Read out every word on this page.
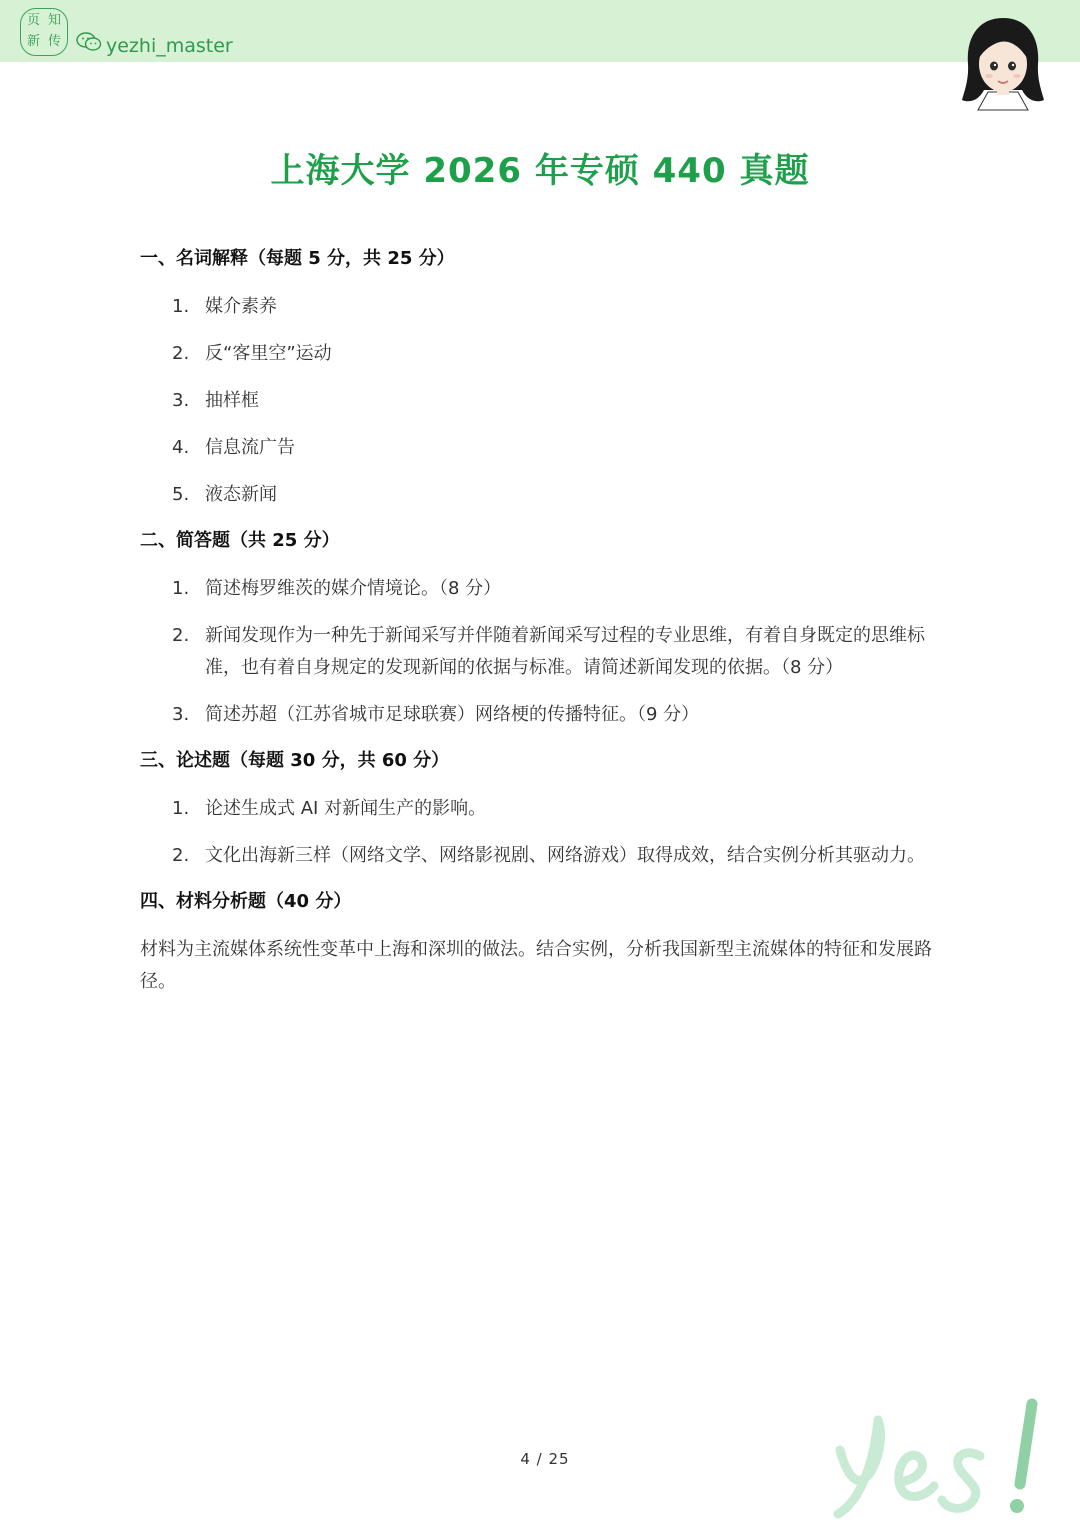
页 知
新 传 yezhi_master
上海大学 2026 年专硕 440 真题
一、名词解释（每题 5 分，共 25 分）
1. 媒介素养
2. 反“客里空”运动
3. 抽样框
4. 信息流广告
5. 液态新闻
二、简答题（共 25 分）
1. 简述梅罗维茨的媒介情境论。（8 分）
2. 新闻发现作为一种先于新闻采写并伴随着新闻采写过程的专业思维，有着自身既定的思维标准，也有着自身规定的发现新闻的依据与标准。请简述新闻发现的依据。（8 分）
3. 简述苏超（江苏省城市足球联赛）网络梗的传播特征。（9 分）
三、论述题（每题 30 分，共 60 分）
1. 论述生成式 AI 对新闻生产的影响。
2. 文化出海新三样（网络文学、网络影视剧、网络游戏）取得成效，结合实例分析其驱动力。
四、材料分析题（40 分）

材料为主流媒体系统性变革中上海和深圳的做法。结合实例，分析我国新型主流媒体的特征和发展路径。

4 / 25
